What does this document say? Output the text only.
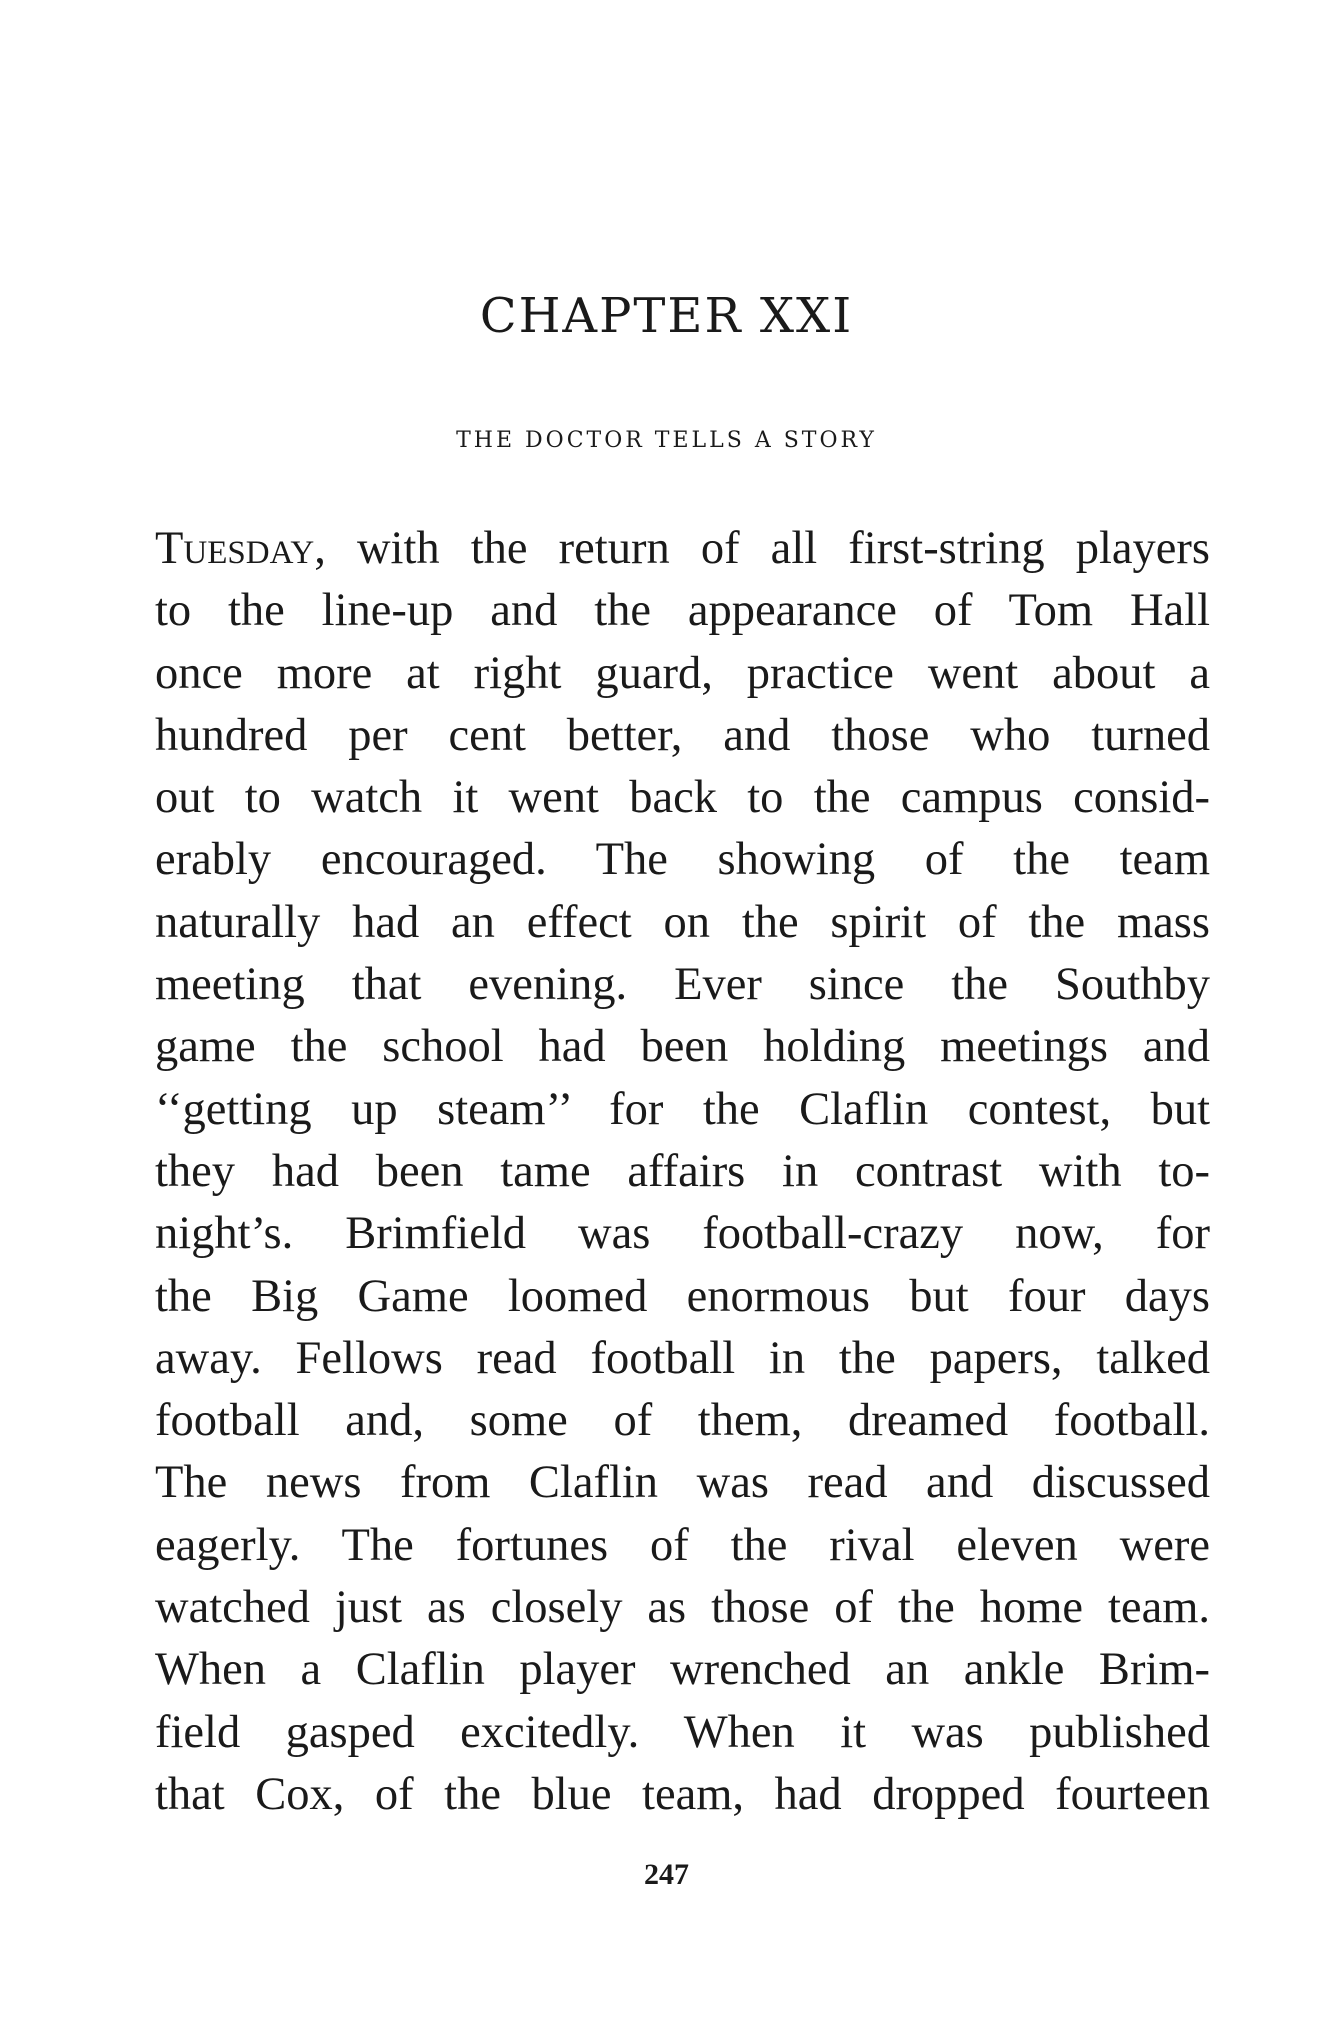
CHAPTER XXI
THE DOCTOR TELLS A STORY
Tuesday, with the return of all first-string players
to the line-up and the appearance of Tom Hall
once more at right guard, practice went about a
hundred per cent better, and those who turned
out to watch it went back to the campus consid-
erably encouraged. The showing of the team
naturally had an effect on the spirit of the mass
meeting that evening. Ever since the Southby
game the school had been holding meetings and
‘‘getting up steam’’ for the Claflin contest, but
they had been tame affairs in contrast with to-
night’s. Brimfield was football-crazy now, for
the Big Game loomed enormous but four days
away. Fellows read football in the papers, talked
football and, some of them, dreamed football.
The news from Claflin was read and discussed
eagerly. The fortunes of the rival eleven were
watched just as closely as those of the home team.
When a Claflin player wrenched an ankle Brim-
field gasped excitedly. When it was published
that Cox, of the blue team, had dropped fourteen
247
